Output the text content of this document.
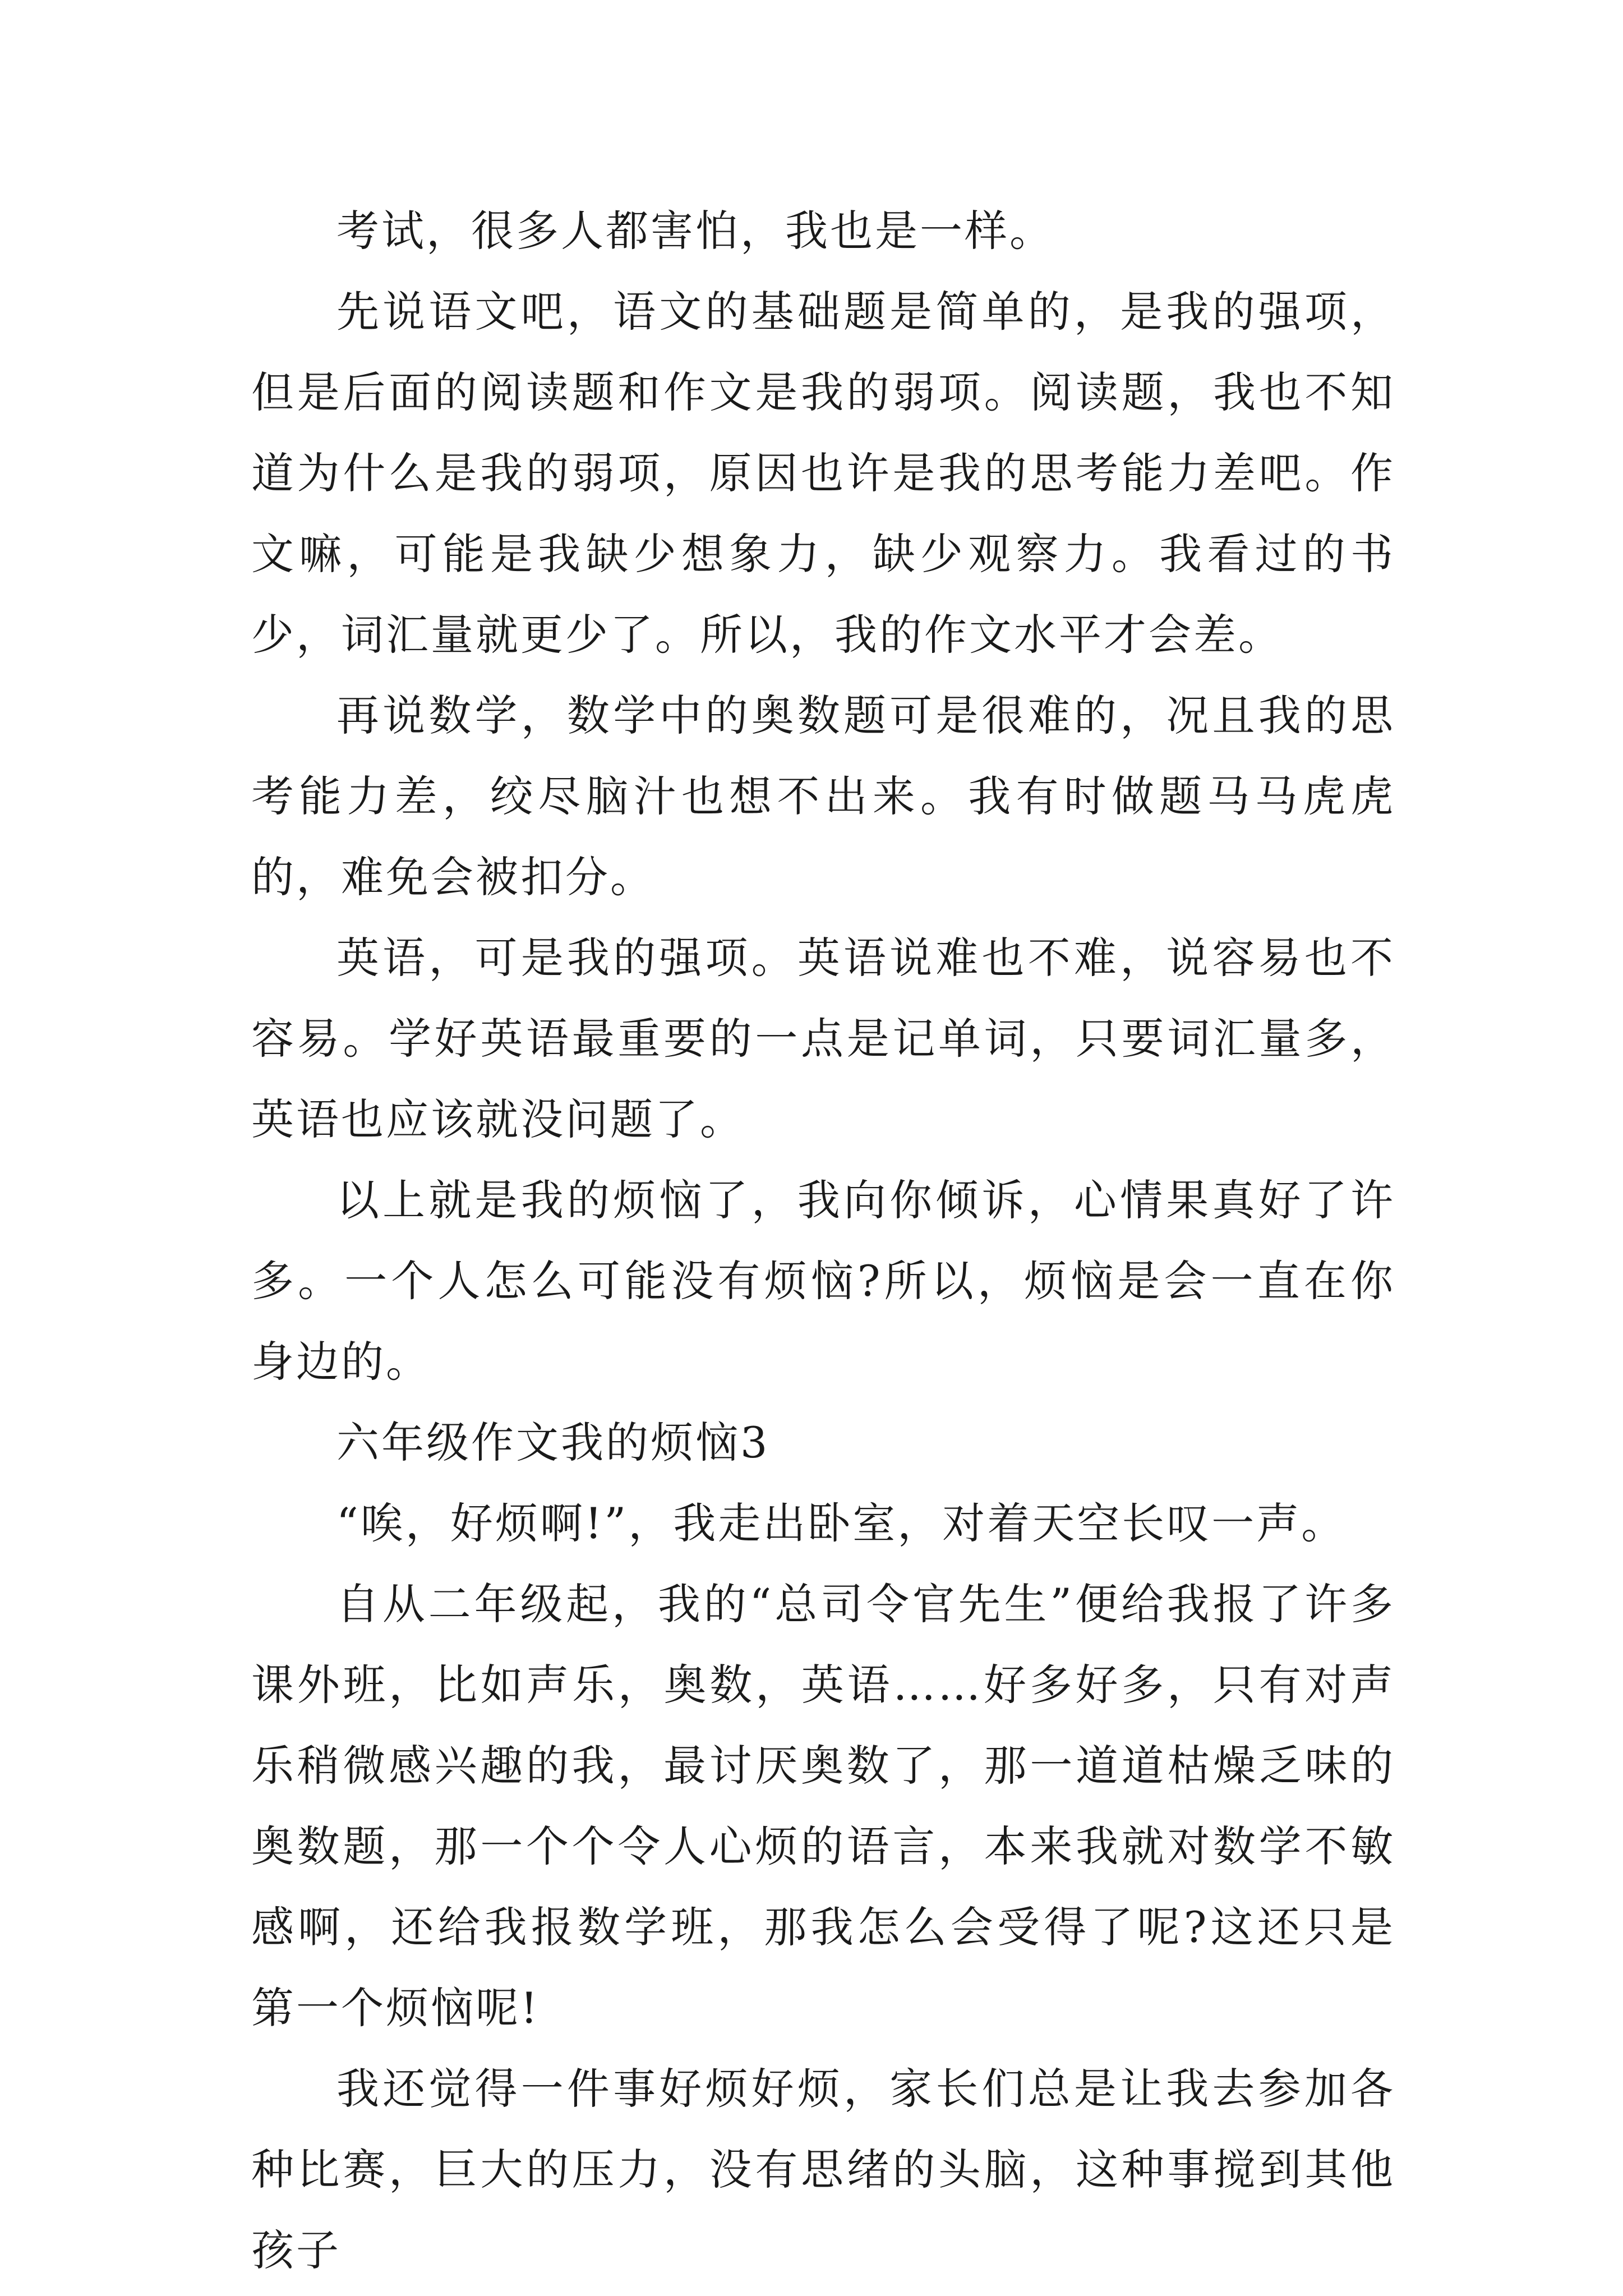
考试，很多人都害怕，我也是一样。

先说语文吧，语文的基础题是简单的，是我的强项，但是后面的阅读题和作文是我的弱项。阅读题，我也不知道为什么是我的弱项，原因也许是我的思考能力差吧。作文嘛，可能是我缺少想象力，缺少观察力。我看过的书少，词汇量就更少了。所以，我的作文水平才会差。

再说数学，数学中的奥数题可是很难的，况且我的思考能力差，绞尽脑汁也想不出来。我有时做题马马虎虎的，难免会被扣分。

英语，可是我的强项。英语说难也不难，说容易也不容易。学好英语最重要的一点是记单词，只要词汇量多，英语也应该就没问题了。

以上就是我的烦恼了，我向你倾诉，心情果真好了许多。一个人怎么可能没有烦恼?所以，烦恼是会一直在你身边的。

六年级作文我的烦恼3

“唉，好烦啊!”，我走出卧室，对着天空长叹一声。

自从二年级起，我的“总司令官先生”便给我报了许多课外班，比如声乐，奥数，英语……好多好多，只有对声乐稍微感兴趣的我，最讨厌奥数了，那一道道枯燥乏味的奥数题，那一个个令人心烦的语言，本来我就对数学不敏感啊，还给我报数学班，那我怎么会受得了呢?这还只是第一个烦恼呢!

我还觉得一件事好烦好烦，家长们总是让我去参加各种比赛，巨大的压力，没有思绪的头脑，这种事搅到其他孩子
